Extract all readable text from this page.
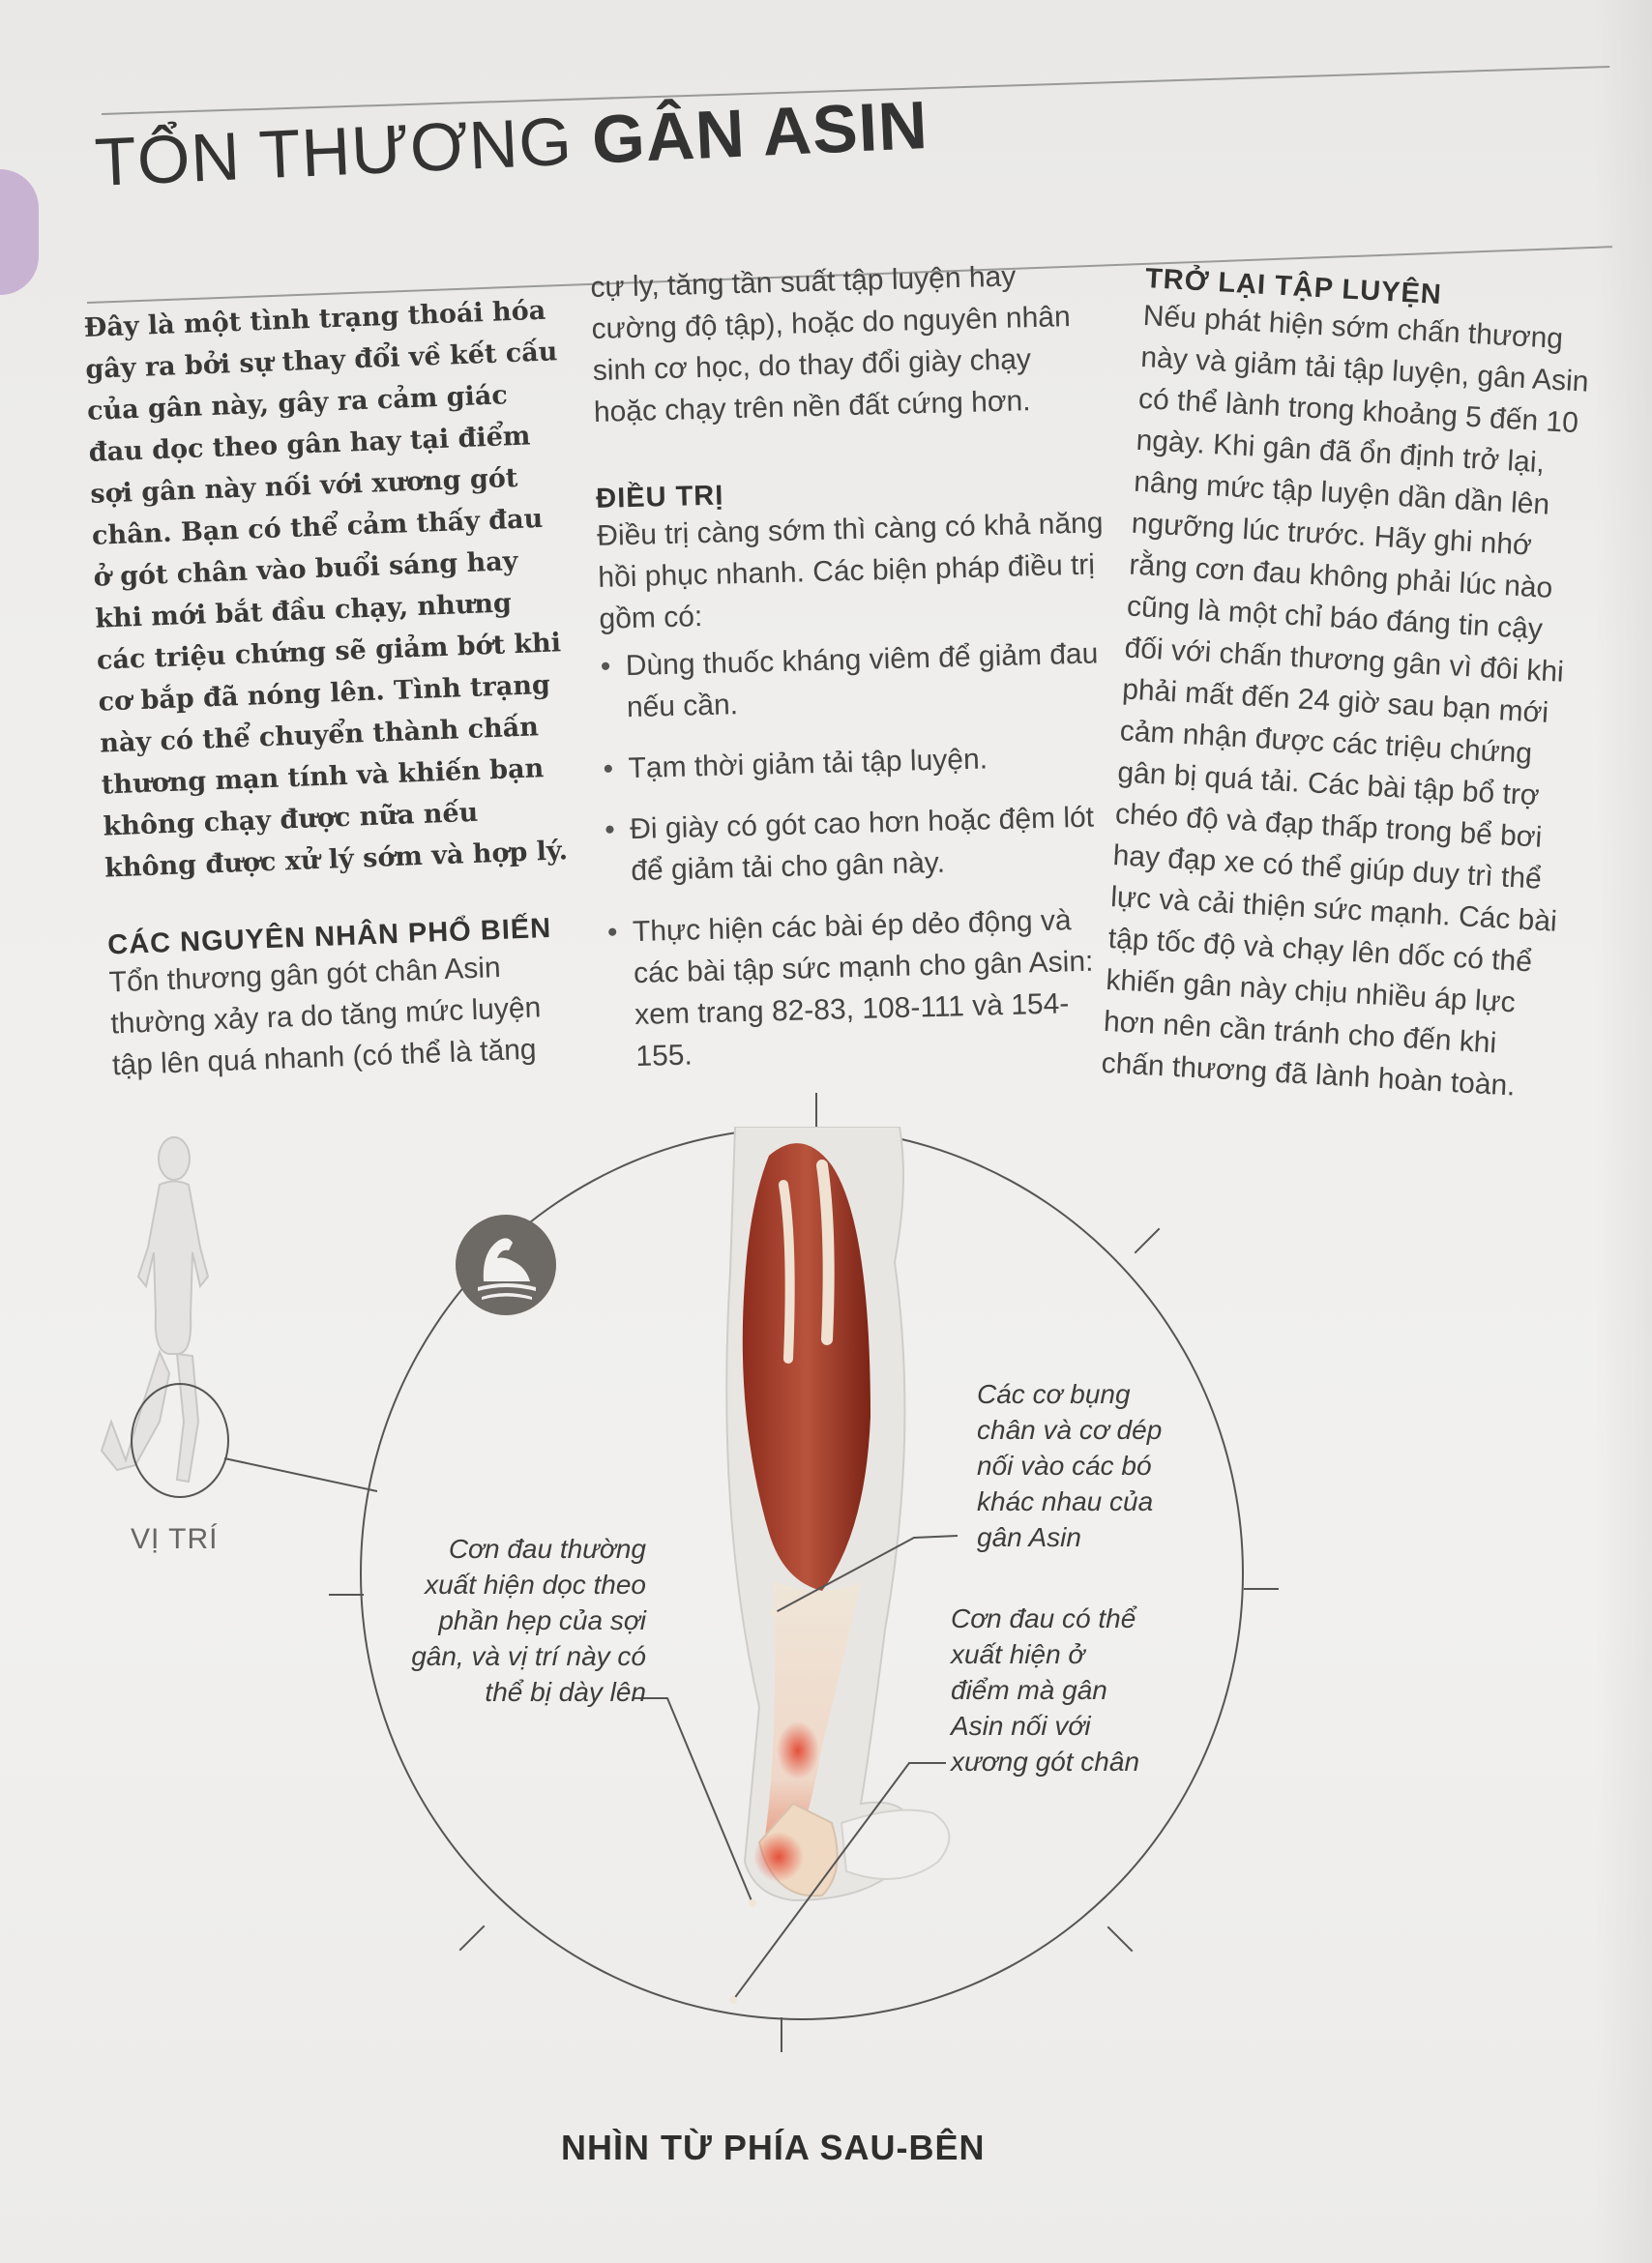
TỔN THƯƠNG GÂN ASIN

Đây là một tình trạng thoái hóa gây ra bởi sự thay đổi về kết cấu của gân này, gây ra cảm giác đau dọc theo gân hay tại điểm sợi gân này nối với xương gót chân. Bạn có thể cảm thấy đau ở gót chân vào buổi sáng hay khi mới bắt đầu chạy, nhưng các triệu chứng sẽ giảm bớt khi cơ bắp đã nóng lên. Tình trạng này có thể chuyển thành chấn thương mạn tính và khiến bạn không chạy được nữa nếu không được xử lý sớm và hợp lý.

CÁC NGUYÊN NHÂN PHỔ BIẾN

Tổn thương gân gót chân Asin thường xảy ra do tăng mức luyện tập lên quá nhanh (có thể là tăng

cự ly, tăng tần suất tập luyện hay cường độ tập), hoặc do nguyên nhân sinh cơ học, do thay đổi giày chạy hoặc chạy trên nền đất cứng hơn.

ĐIỀU TRỊ

Điều trị càng sớm thì càng có khả năng hồi phục nhanh. Các biện pháp điều trị gồm có:

• Dùng thuốc kháng viêm để giảm đau nếu cần.
• Tạm thời giảm tải tập luyện.
• Đi giày có gót cao hơn hoặc đệm lót để giảm tải cho gân này.
• Thực hiện các bài ép dẻo động và các bài tập sức mạnh cho gân Asin: xem trang 82-83, 108-111 và 154-155.

TRỞ LẠI TẬP LUYỆN

Nếu phát hiện sớm chấn thương này và giảm tải tập luyện, gân Asin có thể lành trong khoảng 5 đến 10 ngày. Khi gân đã ổn định trở lại, nâng mức tập luyện dần dần lên ngưỡng lúc trước. Hãy ghi nhớ rằng cơn đau không phải lúc nào cũng là một chỉ báo đáng tin cậy đối với chấn thương gân vì đôi khi phải mất đến 24 giờ sau bạn mới cảm nhận được các triệu chứng gân bị quá tải. Các bài tập bổ trợ chéo độ và đạp thấp trong bể bơi hay đạp xe có thể giúp duy trì thể lực và cải thiện sức mạnh. Các bài tập tốc độ và chạy lên dốc có thể khiến gân này chịu nhiều áp lực hơn nên cần tránh cho đến khi chấn thương đã lành hoàn toàn.

VỊ TRÍ	Cơn đau thường xuất hiện dọc theo phần hẹp của sợi gân, và vị trí này có thể bị dày lên
Các cơ bụng chân và cơ dép nối vào các bó khác nhau của gân Asin
Cơn đau có thể xuất hiện ở điểm mà gân Asin nối với xương gót chân
NHÌN TỪ PHÍA SAU-BÊN
